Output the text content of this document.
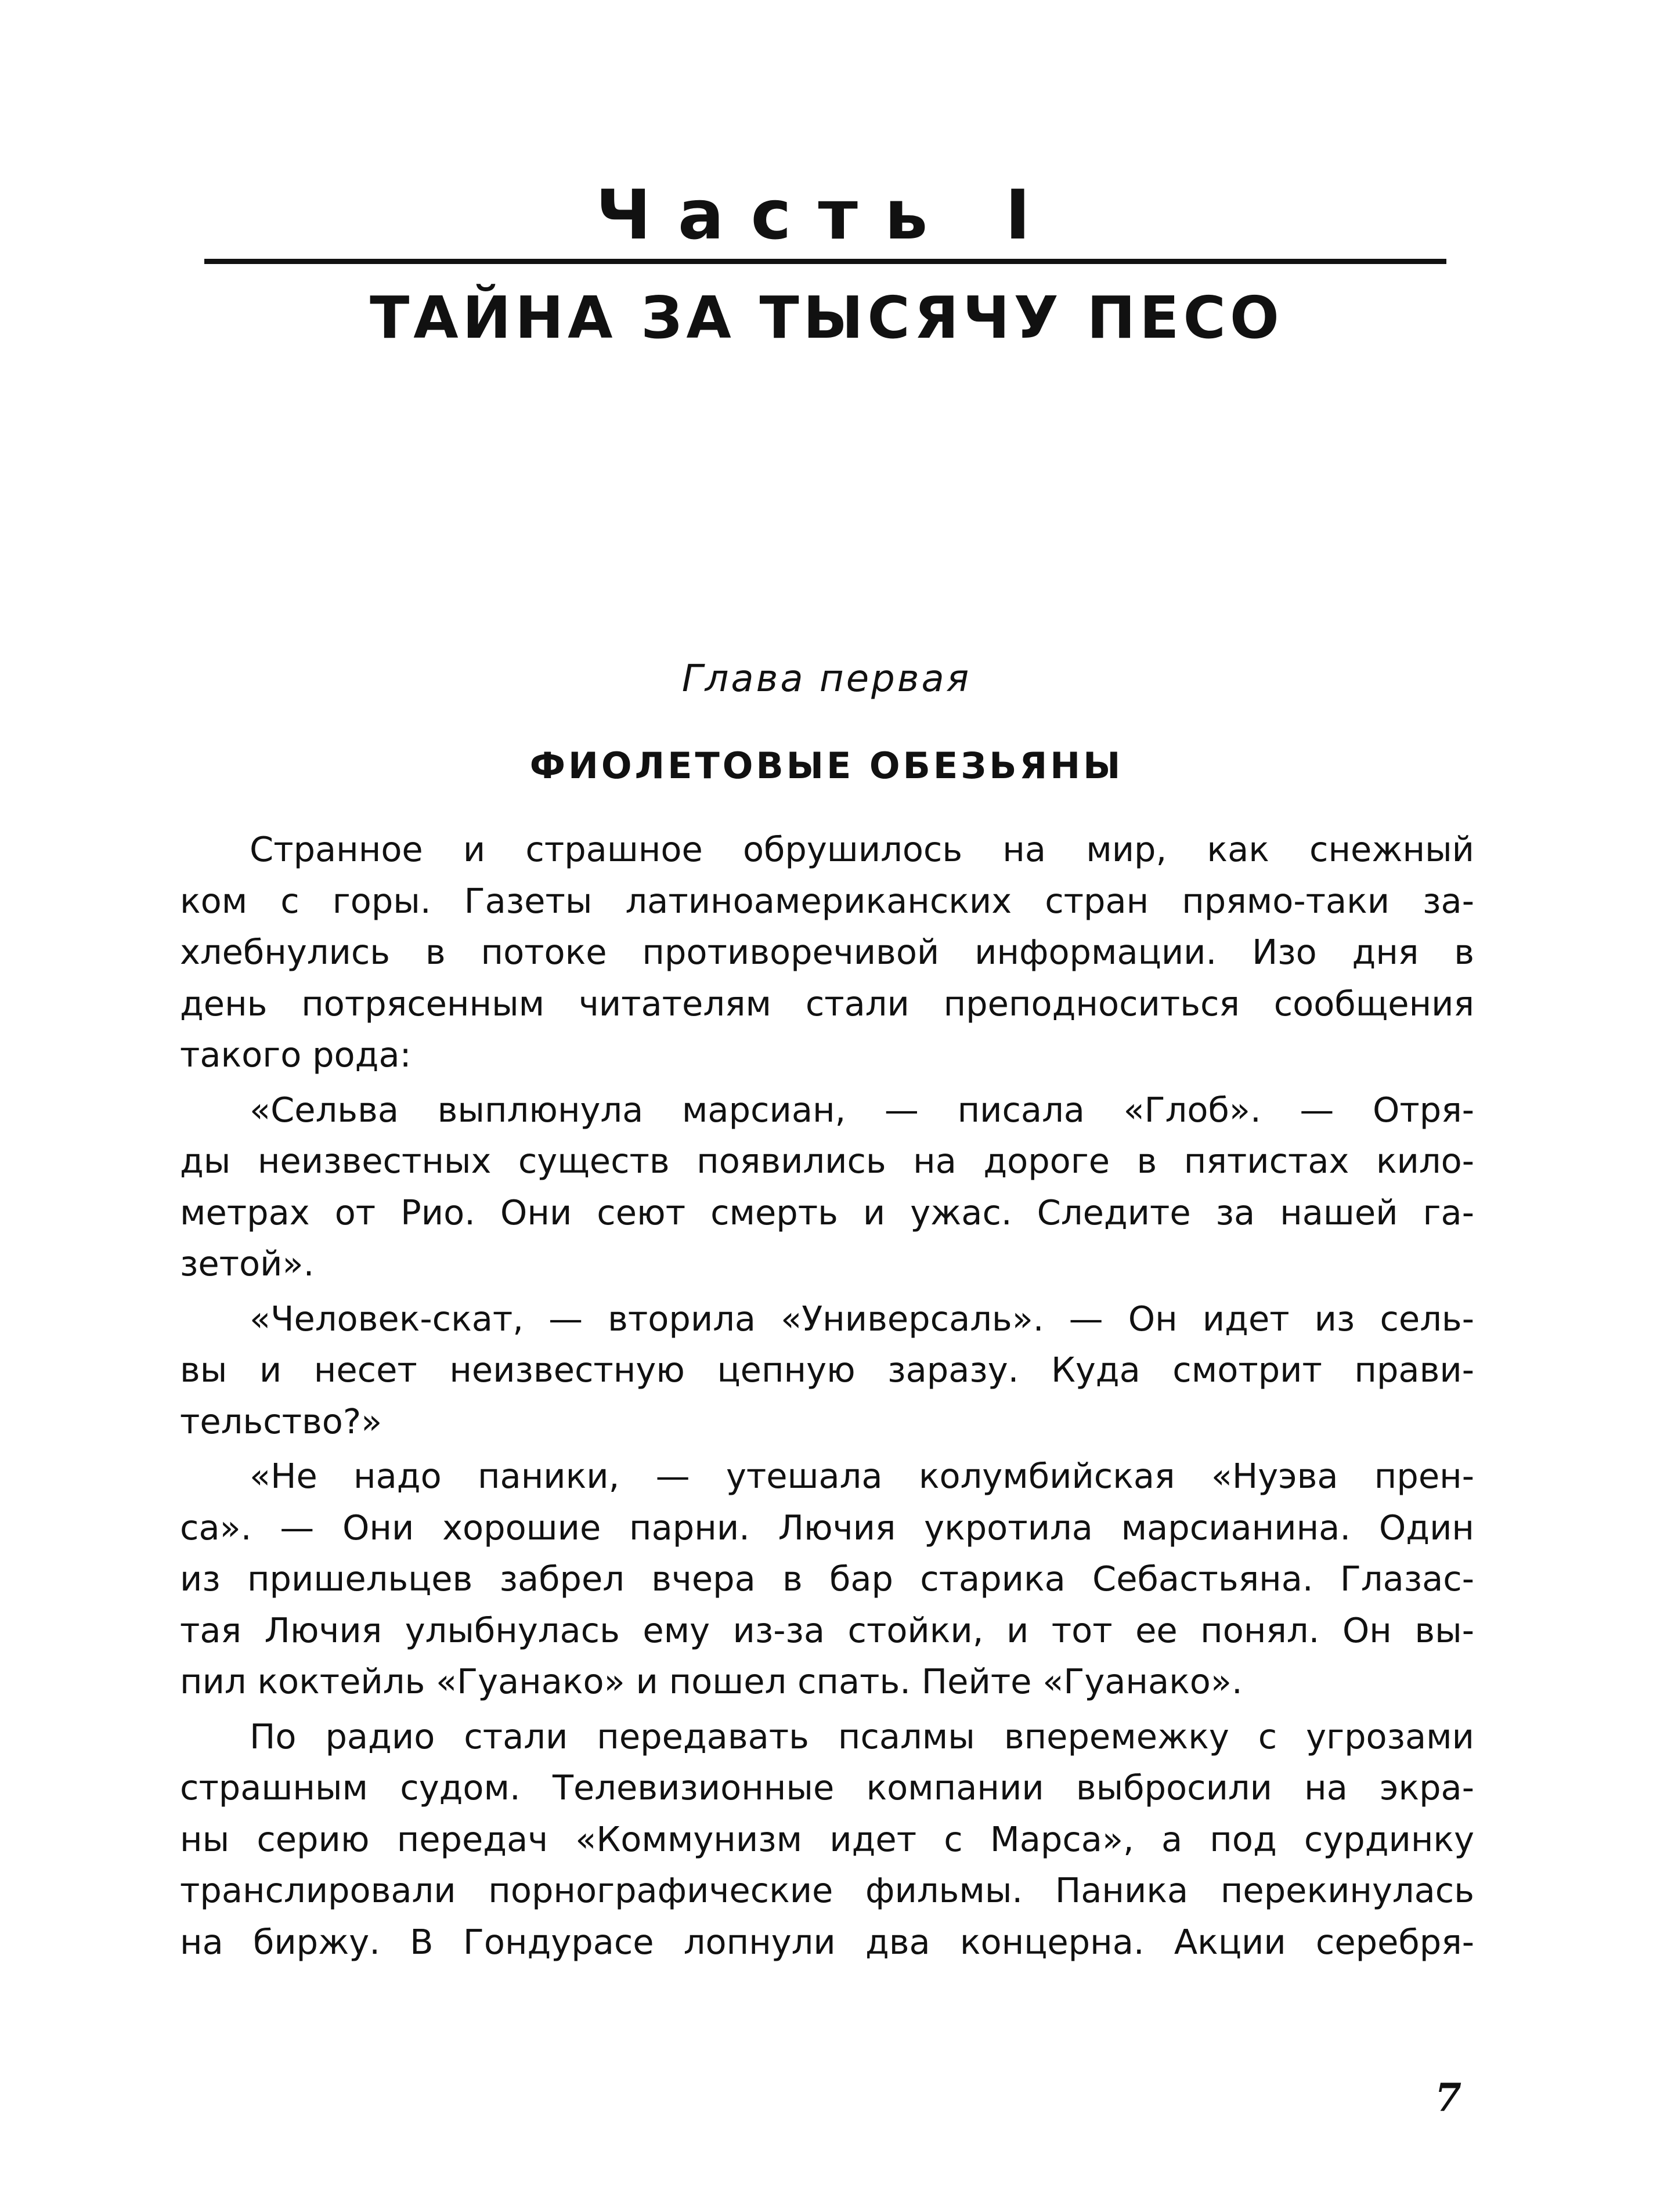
Часть I
ТАЙНА ЗА ТЫСЯЧУ ПЕСО
Глава первая
ФИОЛЕТОВЫЕ ОБЕЗЬЯНЫ
Странное и страшное обрушилось на мир, как снежный
ком с горы. Газеты латиноамериканских стран прямо-таки за-
хлебнулись в потоке противоречивой информации. Изо дня в
день потрясенным читателям стали преподноситься сообщения
такого рода:
«Сельва выплюнула марсиан, — писала «Глоб». — Отря-
ды неизвестных существ появились на дороге в пятистах кило-
метрах от Рио. Они сеют смерть и ужас. Следите за нашей га-
зетой».
«Человек-скат, — вторила «Универсаль». — Он идет из сель-
вы и несет неизвестную цепную заразу. Куда смотрит прави-
тельство?»
«Не надо паники, — утешала колумбийская «Нуэва прен-
са». — Они хорошие парни. Лючия укротила марсианина. Один
из пришельцев забрел вчера в бар старика Себастьяна. Глазас-
тая Лючия улыбнулась ему из-за стойки, и тот ее понял. Он вы-
пил коктейль «Гуанако» и пошел спать. Пейте «Гуанако».
По радио стали передавать псалмы вперемежку с угрозами
страшным судом. Телевизионные компании выбросили на экра-
ны серию передач «Коммунизм идет с Марса», а под сурдинку
транслировали порнографические фильмы. Паника перекинулась
на биржу. В Гондурасе лопнули два концерна. Акции серебря-
7
